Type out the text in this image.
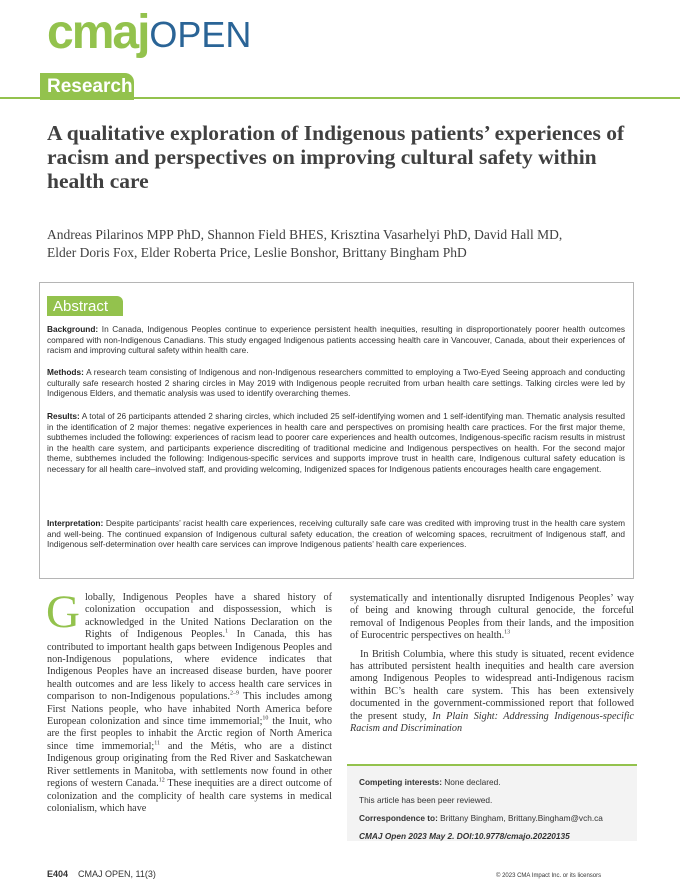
cmajOPEN
Research
A qualitative exploration of Indigenous patients’ experiences of racism and perspectives on improving cultural safety within health care
Andreas Pilarinos MPP PhD, Shannon Field BHES, Krisztina Vasarhelyi PhD, David Hall MD,
Elder Doris Fox, Elder Roberta Price, Leslie Bonshor, Brittany Bingham PhD
Abstract
Background: In Canada, Indigenous Peoples continue to experience persistent health inequities, resulting in disproportionately poorer health outcomes compared with non-Indigenous Canadians. This study engaged Indigenous patients accessing health care in Vancouver, Canada, about their experiences of racism and improving cultural safety within health care.
Methods: A research team consisting of Indigenous and non-Indigenous researchers committed to employing a Two-Eyed Seeing approach and conducting culturally safe research hosted 2 sharing circles in May 2019 with Indigenous people recruited from urban health care settings. Talking circles were led by Indigenous Elders, and thematic analysis was used to identify overarching themes.
Results: A total of 26 participants attended 2 sharing circles, which included 25 self-identifying women and 1 self-identifying man. Thematic analysis resulted in the identification of 2 major themes: negative experiences in health care and perspectives on promising health care practices. For the first major theme, subthemes included the following: experiences of racism lead to poorer care experiences and health outcomes, Indigenous-specific racism results in mistrust in the health care system, and participants experience discrediting of traditional medicine and Indigenous perspectives on health. For the second major theme, subthemes included the following: Indigenous-specific services and supports improve trust in health care, Indigenous cultural safety education is necessary for all health care–involved staff, and providing welcoming, Indigenized spaces for Indigenous patients encourages health care engagement.
Interpretation: Despite participants’ racist health care experiences, receiving culturally safe care was credited with improving trust in the health care system and well-being. The continued expansion of Indigenous cultural safety education, the creation of welcoming spaces, recruitment of Indigenous staff, and Indigenous self-determination over health care services can improve Indigenous patients’ health care experiences.

Globally, Indigenous Peoples have a shared history of colonization occupation and dispossession, which is acknowledged in the United Nations Declaration on the Rights of Indigenous Peoples.$^1$ In Canada, this has contributed to important health gaps between Indigenous Peoples and non-Indigenous populations, where evidence indicates that Indigenous Peoples have an increased disease burden, have poorer health outcomes and are less likely to access health care services in comparison to non-Indigenous populations.$^{2-9}$ This includes among First Nations people, who have inhabited North America before European colonization and since time immemorial;$^{10}$ the Inuit, who are the first peoples to inhabit the Arctic region of North America since time immemorial;$^{11}$ and the Métis, who are a distinct Indigenous group originating from the Red River and Saskatchewan River settlements in Manitoba, with settlements now found in other regions of western Canada.$^{12}$ These inequities are a direct outcome of colonization and the complicity of health care systems in medical colonialism, which have

systematically and intentionally disrupted Indigenous Peoples’ way of being and knowing through cultural genocide, the forceful removal of Indigenous Peoples from their lands, and the imposition of Eurocentric perspectives on health.$^{13}$

In British Columbia, where this study is situated, recent evidence has attributed persistent health inequities and health care aversion among Indigenous Peoples to widespread anti-Indigenous racism within BC’s health care system. This has been extensively documented in the government-commissioned report that followed the present study, In Plain Sight: Addressing Indigenous-specific Racism and Discrimination

Competing interests: None declared.
This article has been peer reviewed.
Correspondence to: Brittany Bingham, Brittany.Bingham@vch.ca
CMAJ Open 2023 May 2. DOI:10.9778/cmajo.20220135
E404 CMAJ OPEN, 11(3)	© 2023 CMA Impact Inc. or its licensors
